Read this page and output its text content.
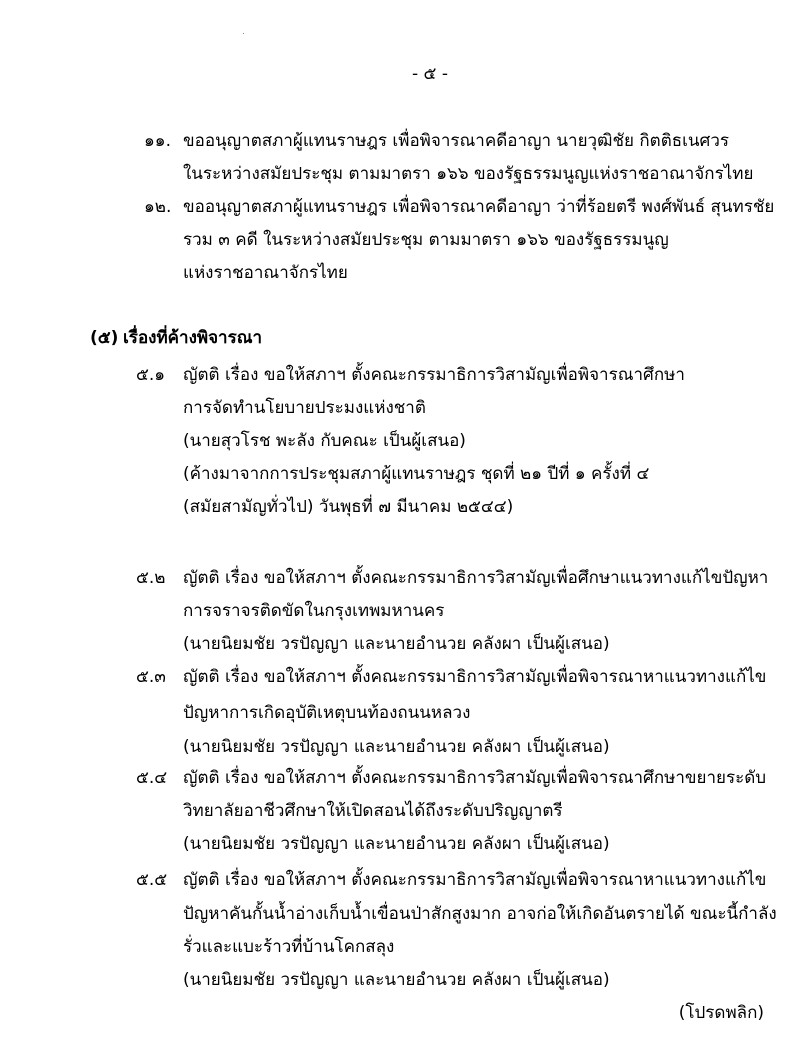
- ๕ -
๑๑. ขออนุญาตสภาผู้แทนราษฎร เพื่อพิจารณาคดีอาญา นายวุฒิชัย กิตติธเนศวร
ในระหว่างสมัยประชุม ตามมาตรา ๑๖๖ ของรัฐธรรมนูญแห่งราชอาณาจักรไทย
๑๒. ขออนุญาตสภาผู้แทนราษฎร เพื่อพิจารณาคดีอาญา ว่าที่ร้อยตรี พงศ์พันธ์ สุนทรชัย
รวม ๓ คดี ในระหว่างสมัยประชุม ตามมาตรา ๑๖๖ ของรัฐธรรมนูญ
แห่งราชอาณาจักรไทย
(๕) เรื่องที่ค้างพิจารณา
๕.๑ ญัตติ เรื่อง ขอให้สภาฯ ตั้งคณะกรรมาธิการวิสามัญเพื่อพิจารณาศึกษา
การจัดทำนโยบายประมงแห่งชาติ
(นายสุวโรช พะลัง กับคณะ เป็นผู้เสนอ)
(ค้างมาจากการประชุมสภาผู้แทนราษฎร ชุดที่ ๒๑ ปีที่ ๑ ครั้งที่ ๔
(สมัยสามัญทั่วไป) วันพุธที่ ๗ มีนาคม ๒๕๔๔)
๕.๒ ญัตติ เรื่อง ขอให้สภาฯ ตั้งคณะกรรมาธิการวิสามัญเพื่อศึกษาแนวทางแก้ไขปัญหา
การจราจรติดขัดในกรุงเทพมหานคร
(นายนิยมชัย วรปัญญา และนายอำนวย คลังผา เป็นผู้เสนอ)
๕.๓ ญัตติ เรื่อง ขอให้สภาฯ ตั้งคณะกรรมาธิการวิสามัญเพื่อพิจารณาหาแนวทางแก้ไข
ปัญหาการเกิดอุบัติเหตุบนท้องถนนหลวง
(นายนิยมชัย วรปัญญา และนายอำนวย คลังผา เป็นผู้เสนอ)
๕.๔ ญัตติ เรื่อง ขอให้สภาฯ ตั้งคณะกรรมาธิการวิสามัญเพื่อพิจารณาศึกษาขยายระดับ
วิทยาลัยอาชีวศึกษาให้เปิดสอนได้ถึงระดับปริญญาตรี
(นายนิยมชัย วรปัญญา และนายอำนวย คลังผา เป็นผู้เสนอ)
๕.๕ ญัตติ เรื่อง ขอให้สภาฯ ตั้งคณะกรรมาธิการวิสามัญเพื่อพิจารณาหาแนวทางแก้ไข
ปัญหาคันกั้นน้ำอ่างเก็บน้ำเขื่อนป่าสักสูงมาก อาจก่อให้เกิดอันตรายได้ ขณะนี้กำลัง
รั่วและแบะร้าวที่บ้านโคกสลุง
(นายนิยมชัย วรปัญญา และนายอำนวย คลังผา เป็นผู้เสนอ)
(โปรดพลิก)
